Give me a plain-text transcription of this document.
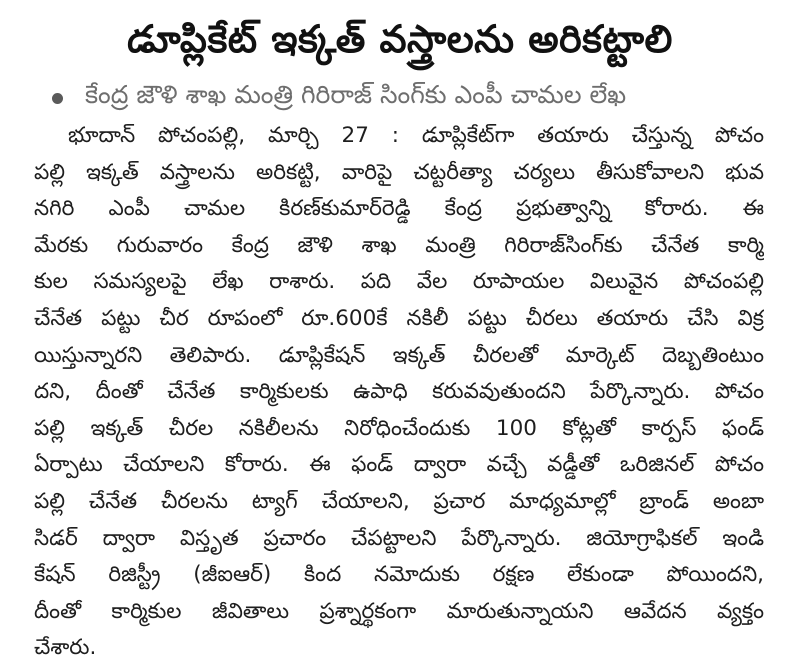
డూప్లికేట్ ఇక్కత్ వస్త్రాలను అరికట్టాలి
కేంద్ర జౌళి శాఖ మంత్రి గిరిరాజ్ సింగ్‌కు ఎంపీ చామల లేఖ
భూదాన్ పోచంపల్లి, మార్చి 27 : డూప్లికేట్‌గా తయారు చేస్తున్న పోచం
పల్లి ఇక్కత్ వస్త్రాలను అరికట్టి, వారిపై చట్టరీత్యా చర్యలు తీసుకోవాలని భువ
నగిరి ఎంపీ చామల కిరణ్‌కుమార్‌రెడ్డి కేంద్ర ప్రభుత్వాన్ని కోరారు. ఈ
మేరకు గురువారం కేంద్ర జౌళి శాఖ మంత్రి గిరిరాజ్‌సింగ్‌కు చేనేత కార్మి
కుల సమస్యలపై లేఖ రాశారు. పది వేల రూపాయల విలువైన పోచంపల్లి
చేనేత పట్టు చీర రూపంలో రూ.600కే నకిలీ పట్టు చీరలు తయారు చేసి విక్ర
యిస్తున్నారని తెలిపారు. డూప్లికేషన్ ఇక్కత్ చీరలతో మార్కెట్ దెబ్బతింటుం
దని, దీంతో చేనేత కార్మికులకు ఉపాధి కరువవుతుందని పేర్కొన్నారు. పోచం
పల్లి ఇక్కత్ చీరల నకిలీలను నిరోధించేందుకు 100 కోట్లతో కార్పస్ ఫండ్
ఏర్పాటు చేయాలని కోరారు. ఈ ఫండ్ ద్వారా వచ్చే వడ్డీతో ఒరిజినల్ పోచం
పల్లి చేనేత చీరలను ట్యాగ్ చేయాలని, ప్రచార మాధ్యమాల్లో బ్రాండ్ అంబా
సిడర్ ద్వారా విస్తృత ప్రచారం చేపట్టాలని పేర్కొన్నారు. జియోగ్రాఫికల్ ఇండి
కేషన్ రిజిస్ట్రీ (జీఐఆర్) కింద నమోదుకు రక్షణ లేకుండా పోయిందని,
దీంతో కార్మికుల జీవితాలు ప్రశ్నార్థకంగా మారుతున్నాయని ఆవేదన వ్యక్తం
చేశారు.
